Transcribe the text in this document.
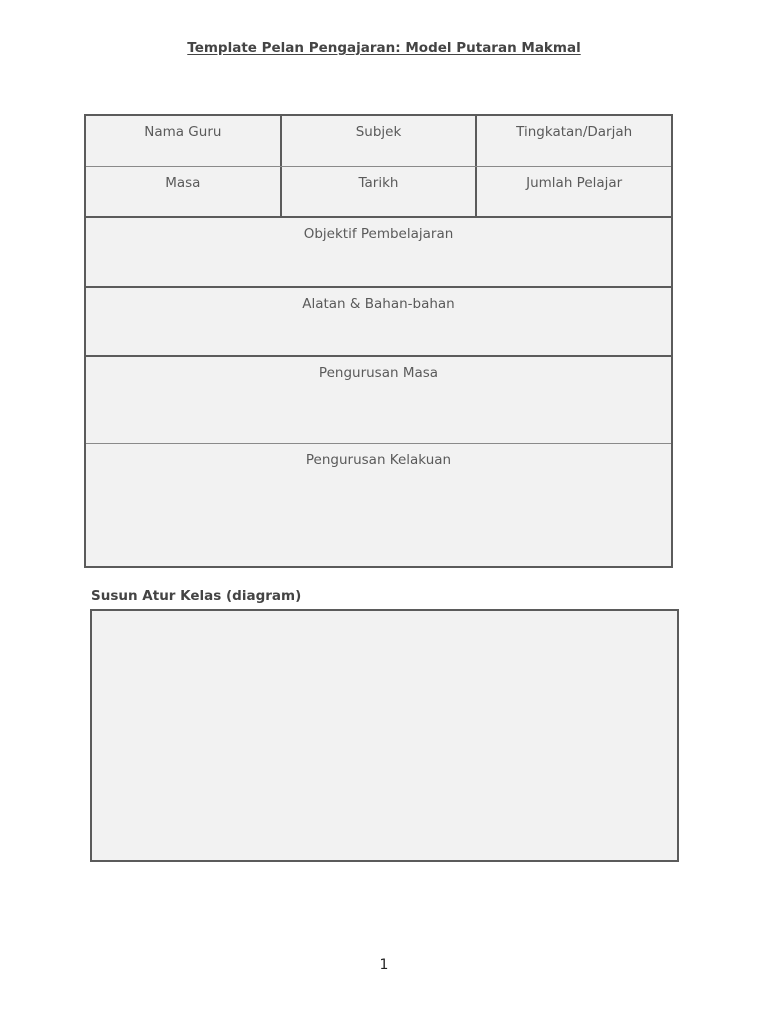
Template Pelan Pengajaran: Model Putaran Makmal
Nama Guru	Subjek	Tingkatan/Darjah
Masa	Tarikh	Jumlah Pelajar
Objektif Pembelajaran
Alatan & Bahan-bahan
Pengurusan Masa
Pengurusan Kelakuan
Susun Atur Kelas (diagram)
1
